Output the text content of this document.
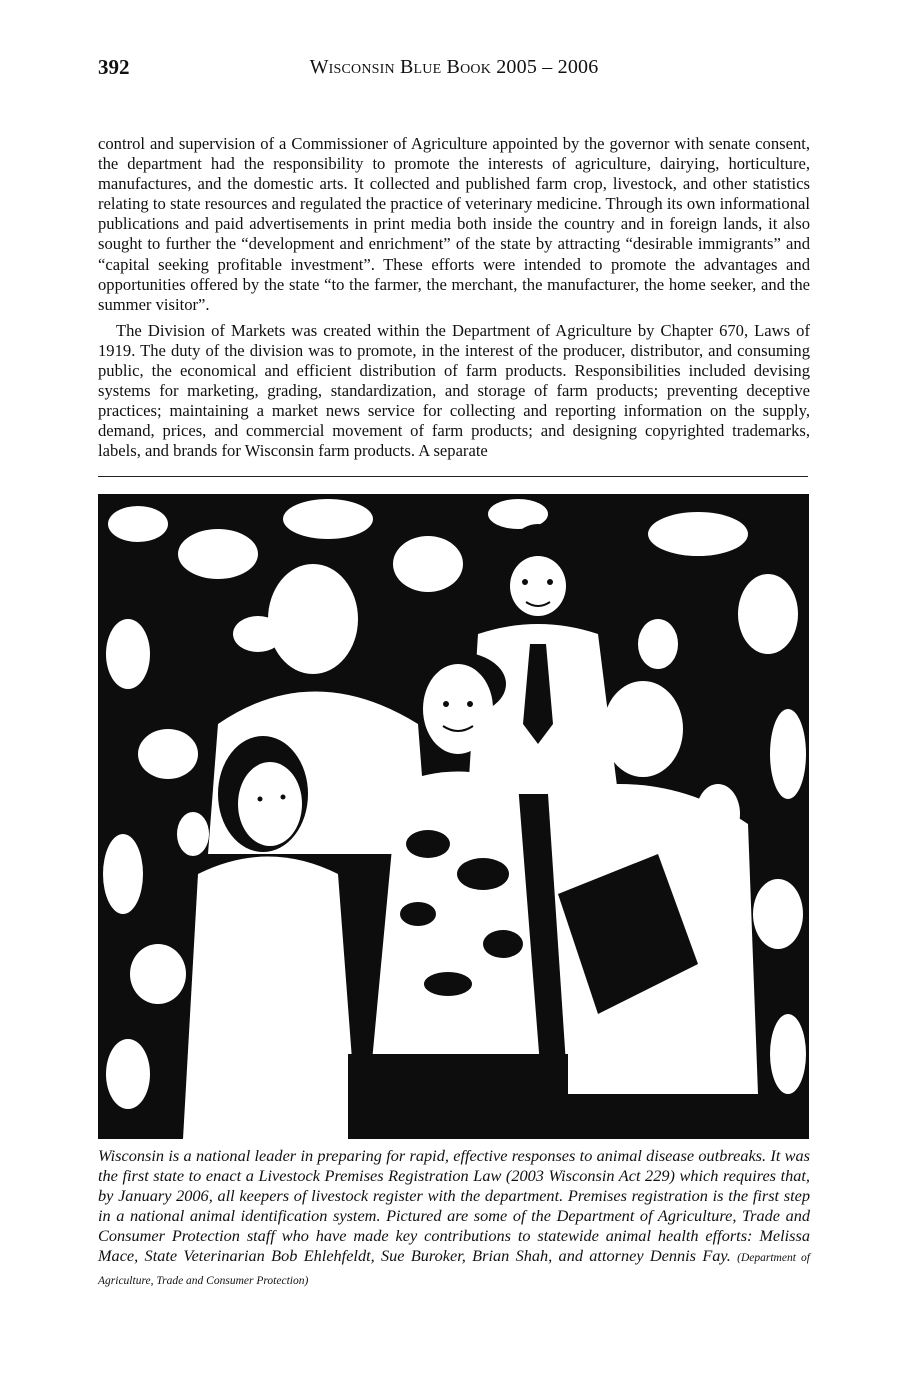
392	Wisconsin Blue Book 2005 – 2006

control and supervision of a Commissioner of Agriculture appointed by the governor with senate consent, the department had the responsibility to promote the interests of agriculture, dairying, horticulture, manufactures, and the domestic arts. It collected and published farm crop, livestock, and other statistics relating to state resources and regulated the practice of veterinary medicine. Through its own informational publications and paid advertisements in print media both inside the country and in foreign lands, it also sought to further the “development and enrichment” of the state by attracting “desirable immigrants” and “capital seeking profitable investment”. These efforts were intended to promote the advantages and opportunities offered by the state “to the farmer, the merchant, the manufacturer, the home seeker, and the summer visitor”.

The Division of Markets was created within the Department of Agriculture by Chapter 670, Laws of 1919. The duty of the division was to promote, in the interest of the producer, distributor, and consuming public, the economical and efficient distribution of farm products. Responsibilities included devising systems for marketing, grading, standardization, and storage of farm products; preventing deceptive practices; maintaining a market news service for collecting and reporting information on the supply, demand, prices, and commercial movement of farm products; and designing copyrighted trademarks, labels, and brands for Wisconsin farm products. A separate

Wisconsin is a national leader in preparing for rapid, effective responses to animal disease outbreaks. It was the first state to enact a Livestock Premises Registration Law (2003 Wisconsin Act 229) which requires that, by January 2006, all keepers of livestock register with the department. Premises registration is the first step in a national animal identification system. Pictured are some of the Department of Agriculture, Trade and Consumer Protection staff who have made key contributions to statewide animal health efforts: Melissa Mace, State Veterinarian Bob Ehlehfeldt, Sue Buroker, Brian Shah, and attorney Dennis Fay. (Department of Agriculture, Trade and Consumer Protection)
